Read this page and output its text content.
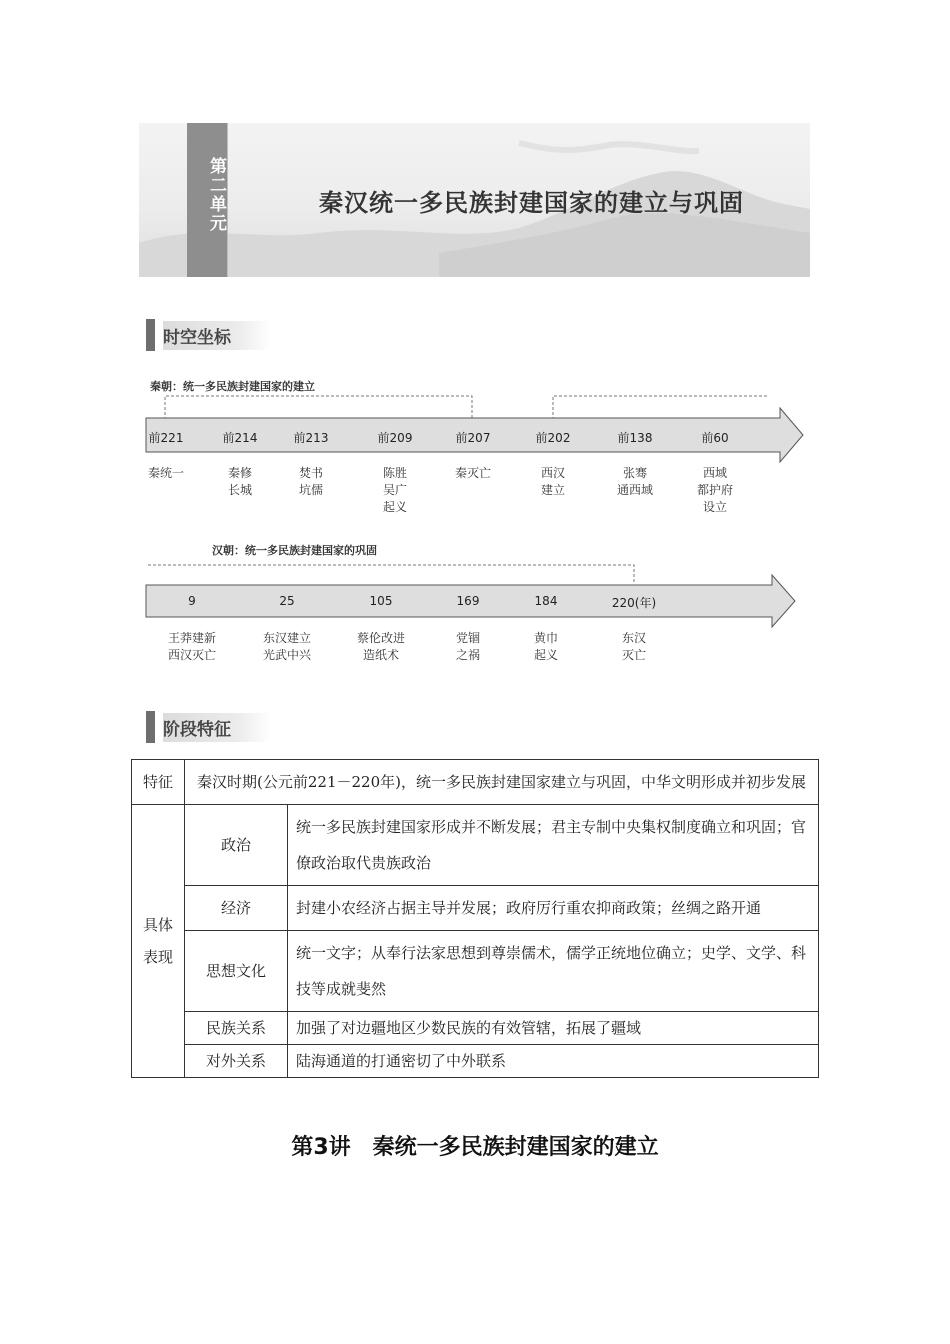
第二单元	秦汉统一多民族封建国家的建立与巩固
时空坐标
秦朝：统一多民族封建国家的建立
前221
秦统一
前214
秦修
长城
前213
焚书
坑儒
前209
陈胜
吴广
起义
前207
秦灭亡
前202
西汉
建立
前138
张骞
通西域
前60
西域
都护府
设立
汉朝：统一多民族封建国家的巩固
9
王莽建新
西汉灭亡
25
东汉建立
光武中兴
105
蔡伦改进
造纸术
169
党锢
之祸
184
黄巾
起义
220(年)
东汉
灭亡
阶段特征
特征	秦汉时期(公元前221－220年)，统一多民族封建国家建立与巩固，中华文明形成并初步发展	
具体
表现	政治	统一多民族封建国家形成并不断发展；君主专制中央集权制度确立和巩固；官僚政治取代贵族政治
	经济	封建小农经济占据主导并发展；政府厉行重农抑商政策；丝绸之路开通
	思想文化	统一文字；从奉行法家思想到尊崇儒术，儒学正统地位确立；史学、文学、科技等成就斐然
	民族关系	加强了对边疆地区少数民族的有效管辖，拓展了疆域
	对外关系	陆海通道的打通密切了中外联系
第3讲　秦统一多民族封建国家的建立
